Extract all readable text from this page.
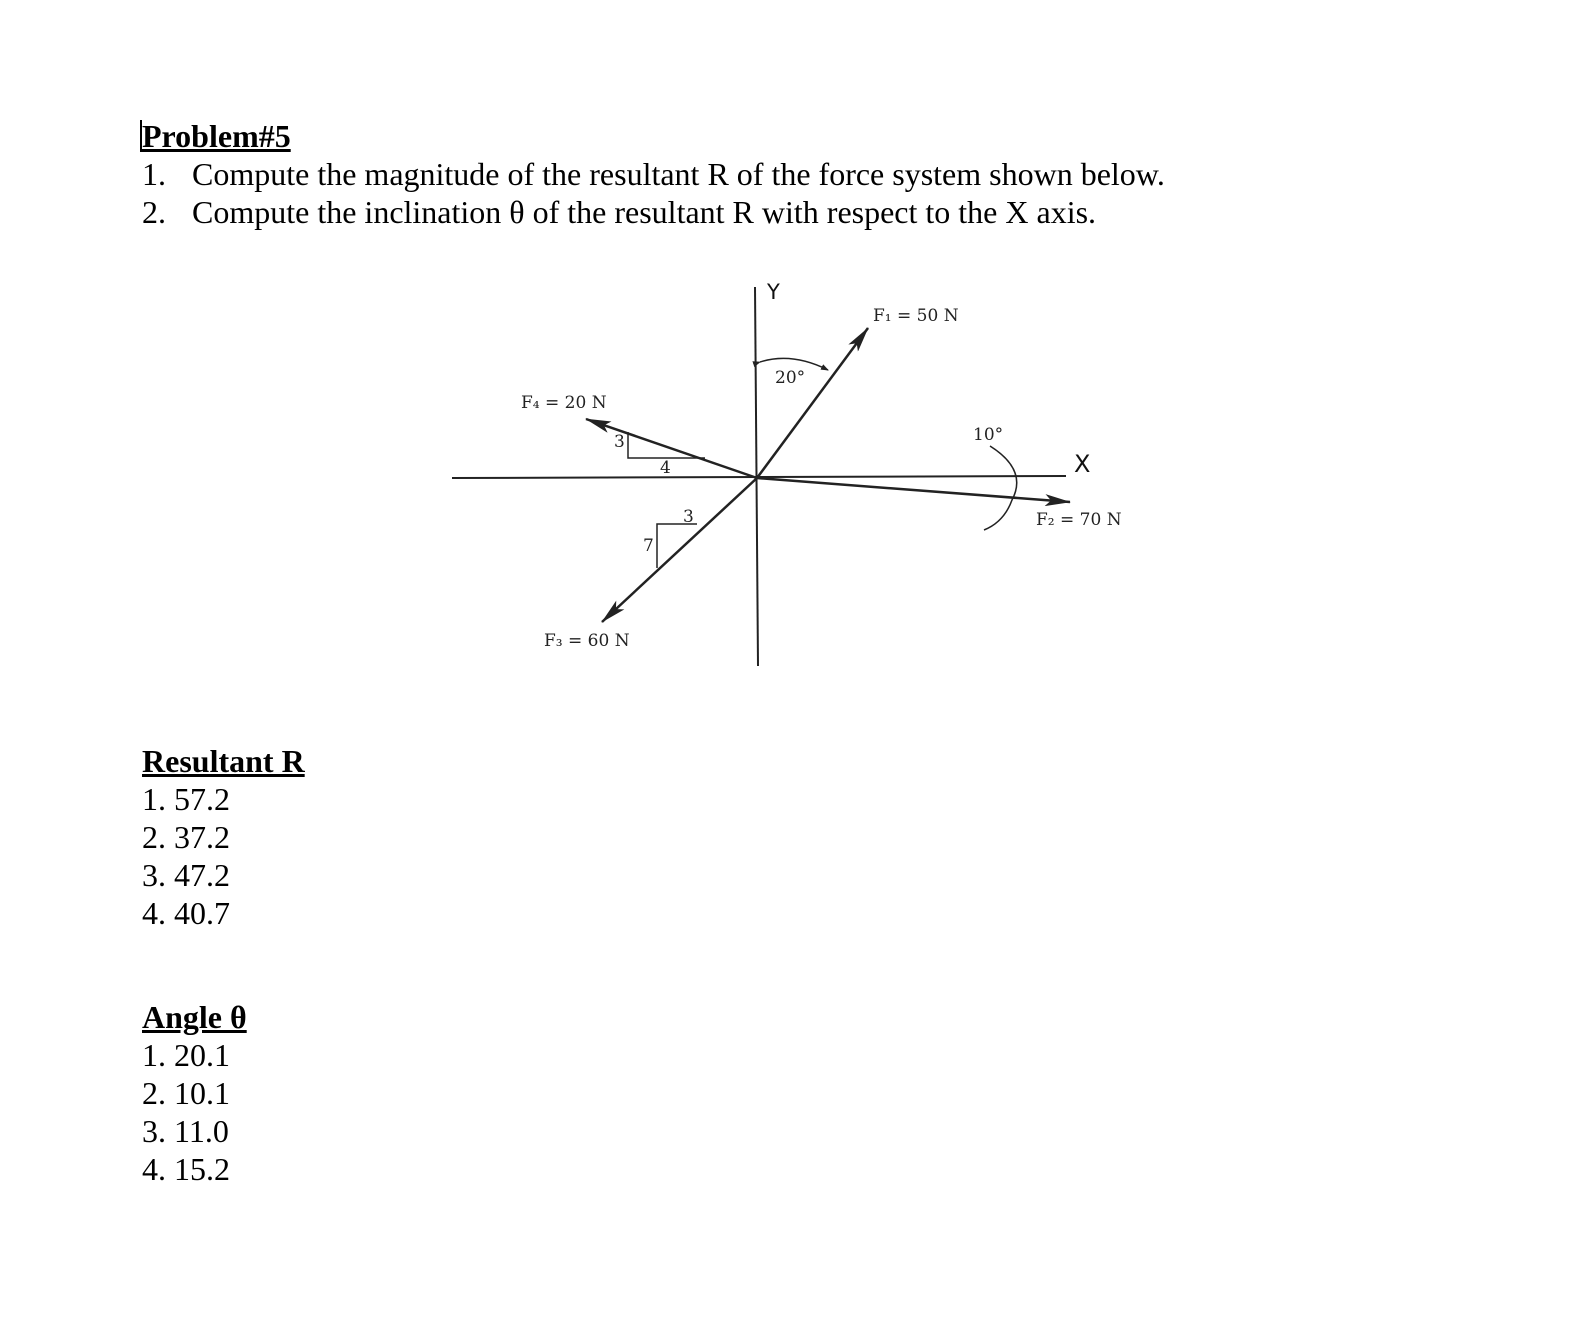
Problem#5
1. Compute the magnitude of the resultant R of the force system shown below.
2. Compute the inclination θ of the resultant R with respect to the X axis.
Y
X
F₁ = 50 N
20°
F₂ = 70 N
10°
F₃ = 60 N
7
3
F₄ = 20 N
3
4
Resultant R
1. 57.2
2. 37.2
3. 47.2
4. 40.7
Angle θ
1. 20.1
2. 10.1
3. 11.0
4. 15.2
